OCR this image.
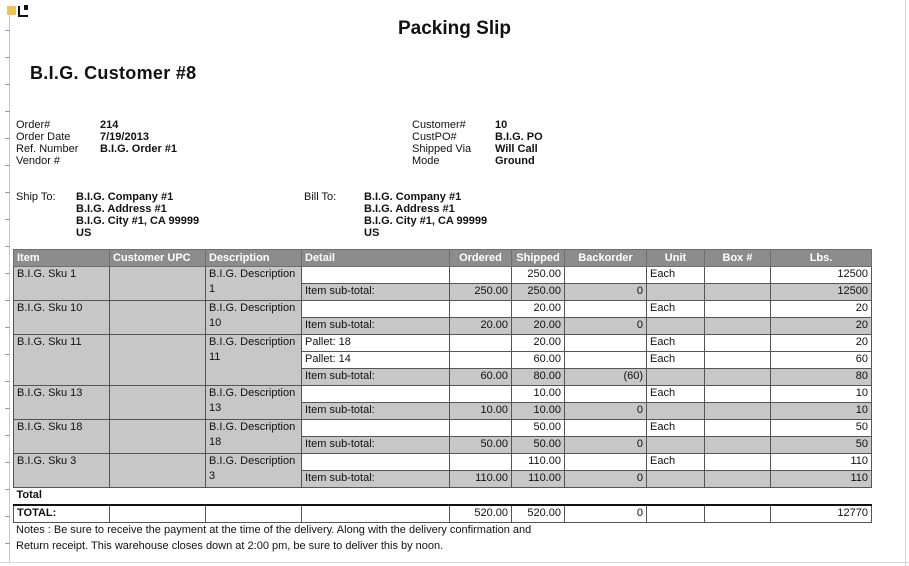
Packing Slip
B.I.G. Customer #8
Order#	214
Order Date	7/19/2013
Ref. Number B.I.G. Order #1
Vendor #
Customer#	10
CustPO#	B.I.G. PO
Shipped Via Will Call
Mode	Ground
Ship To: B.I.G. Company #1
B.I.G. Address #1
B.I.G. City #1, CA 99999
US
Bill To:	B.I.G. Company #1
B.I.G. Address #1
B.I.G. City #1, CA 99999
US
Item	Customer UPC	Description	Detail	Ordered	Shipped	Backorder	Unit	Box #	Lbs.
B.I.G. Sku 1		B.I.G. Description 1			250.00		Each		12500
			Item sub-total:	250.00	250.00	0			12500
B.I.G. Sku 10		B.I.G. Description 10			20.00		Each		20
			Item sub-total:	20.00	20.00	0			20
B.I.G. Sku 11		B.I.G. Description 11	Pallet: 18		20.00		Each		20
			Pallet: 14		60.00		Each		60
			Item sub-total:	60.00	80.00	(60)			80
B.I.G. Sku 13		B.I.G. Description 13			10.00		Each		10
			Item sub-total:	10.00	10.00	0			10
B.I.G. Sku 18		B.I.G. Description 18			50.00		Each		50
			Item sub-total:	50.00	50.00	0			50
B.I.G. Sku 3		B.I.G. Description 3			110.00		Each		110
			Item sub-total:	110.00	110.00	0			110
Total									
TOTAL:				520.00	520.00	0			12770
Notes : Be sure to receive the payment at the time of the delivery. Along with the delivery confirmation and Return receipt. This warehouse closes down at 2:00 pm, be sure to deliver this by noon.
